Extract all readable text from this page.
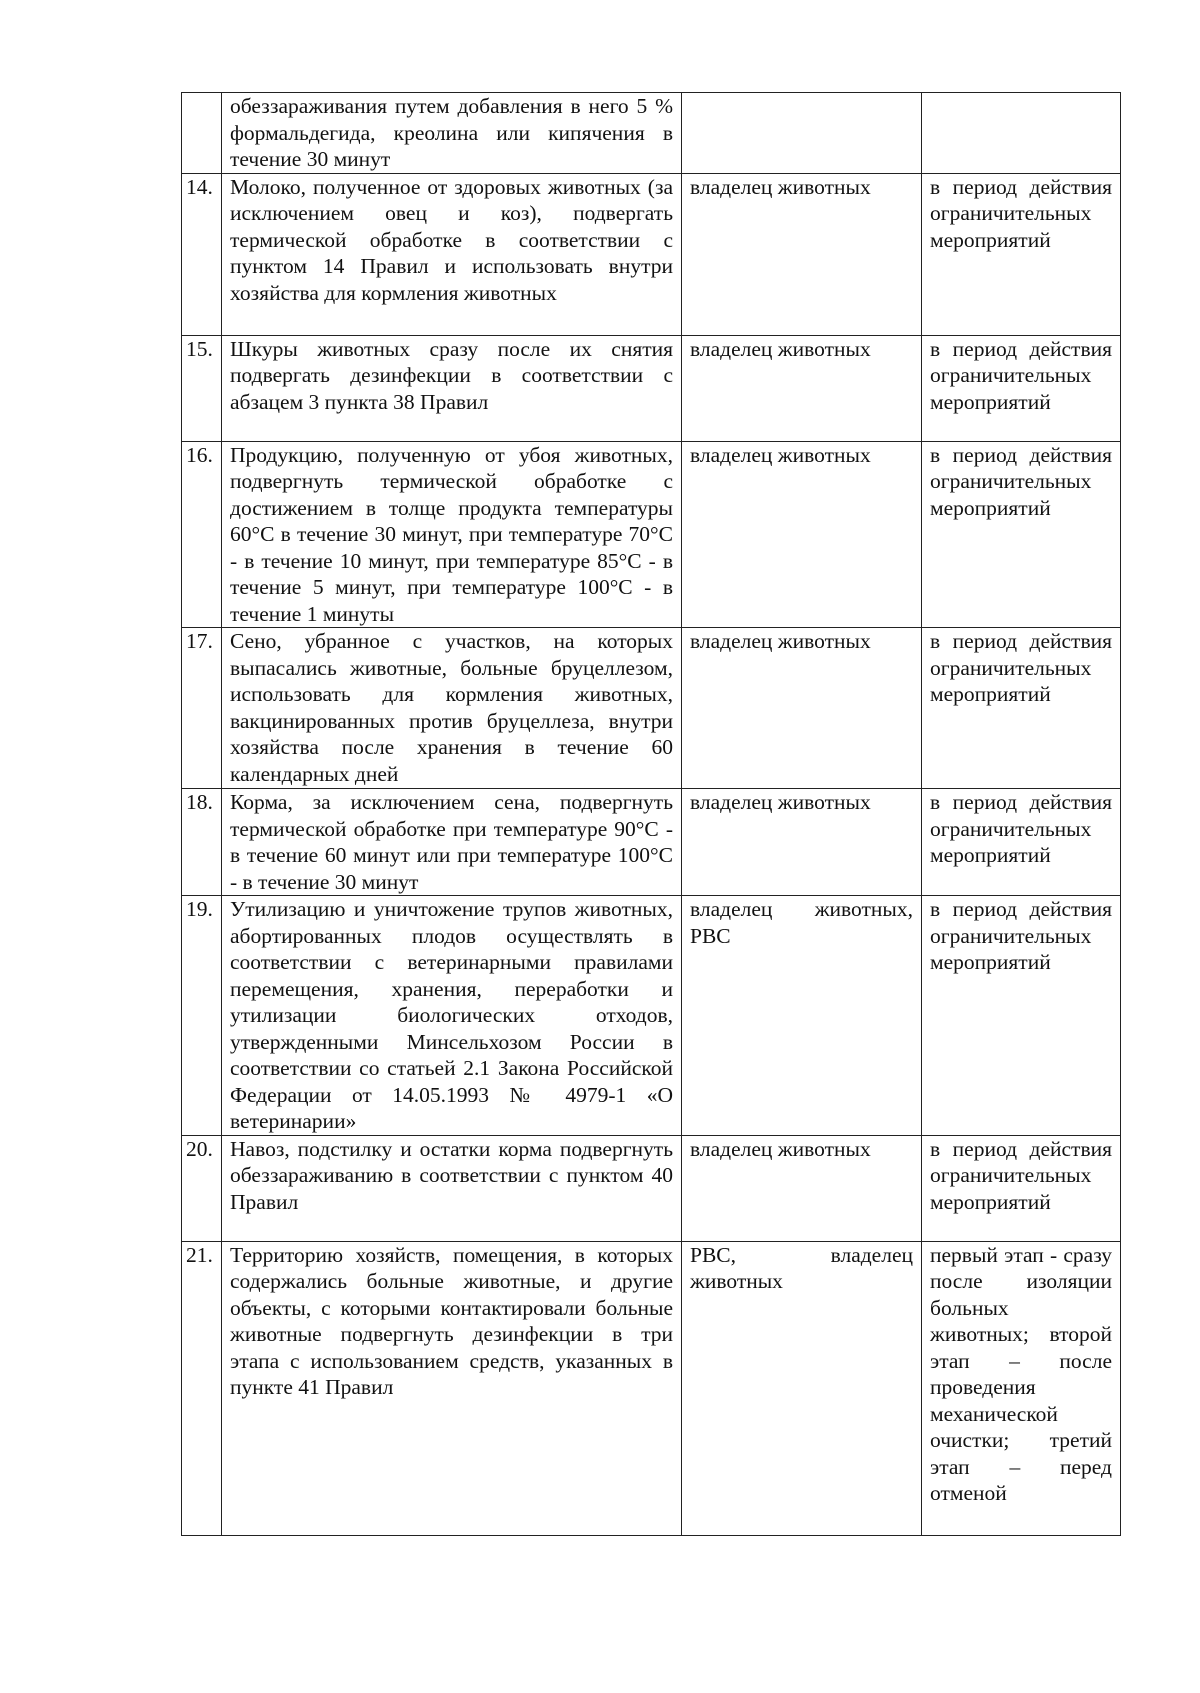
	обеззараживания путем добавления в него 5 % формальдегида, креолина или кипячения в течение 30 минут		
14.	Молоко, полученное от здоровых животных (за исключением овец и коз), подвергать термической обработке в соответствии с пунктом 14 Правил и использовать внутри хозяйства для кормления животных	владелец животных	в период действия ограничительных мероприятий
15.	Шкуры животных сразу после их снятия подвергать дезинфекции в соответствии с абзацем 3 пункта 38 Правил	владелец животных	в период действия ограничительных мероприятий
16.	Продукцию, полученную от убоя животных, подвергнуть термической обработке с достижением в толще продукта температуры 60°С в течение 30 минут, при температуре 70°С - в течение 10 минут, при температуре 85°С - в течение 5 минут, при температуре 100°С - в течение 1 минуты	владелец животных	в период действия ограничительных мероприятий
17.	Сено, убранное с участков, на которых выпасались животные, больные бруцеллезом, использовать для кормления животных, вакцинированных против бруцеллеза, внутри хозяйства после хранения в течение 60 календарных дней	владелец животных	в период действия ограничительных мероприятий
18.	Корма, за исключением сена, подвергнуть термической обработке при температуре 90°С - в течение 60 минут или при температуре 100°С - в течение 30 минут	владелец животных	в период действия ограничительных мероприятий
19.	Утилизацию и уничтожение трупов животных, абортированных плодов осуществлять в соответствии с ветеринарными правилами перемещения, хранения, переработки и утилизации биологических отходов, утвержденными Минсельхозом России в соответствии со статьей 2.1 Закона Российской Федерации от 14.05.1993 № 4979-1 «О ветеринарии»	владелец животных, РВС	в период действия ограничительных мероприятий
20.	Навоз, подстилку и остатки корма подвергнуть обеззараживанию в соответствии с пунктом 40 Правил	владелец животных	в период действия ограничительных мероприятий
21.	Территорию хозяйств, помещения, в которых содержались больные животные, и другие объекты, с которыми контактировали больные животные подвергнуть дезинфекции в три этапа с использованием средств, указанных в пункте 41 Правил	РВС, владелец животных	первый этап - сразу после изоляции больных животных; второй этап – после проведения механической очистки; третий этап – перед отменой
